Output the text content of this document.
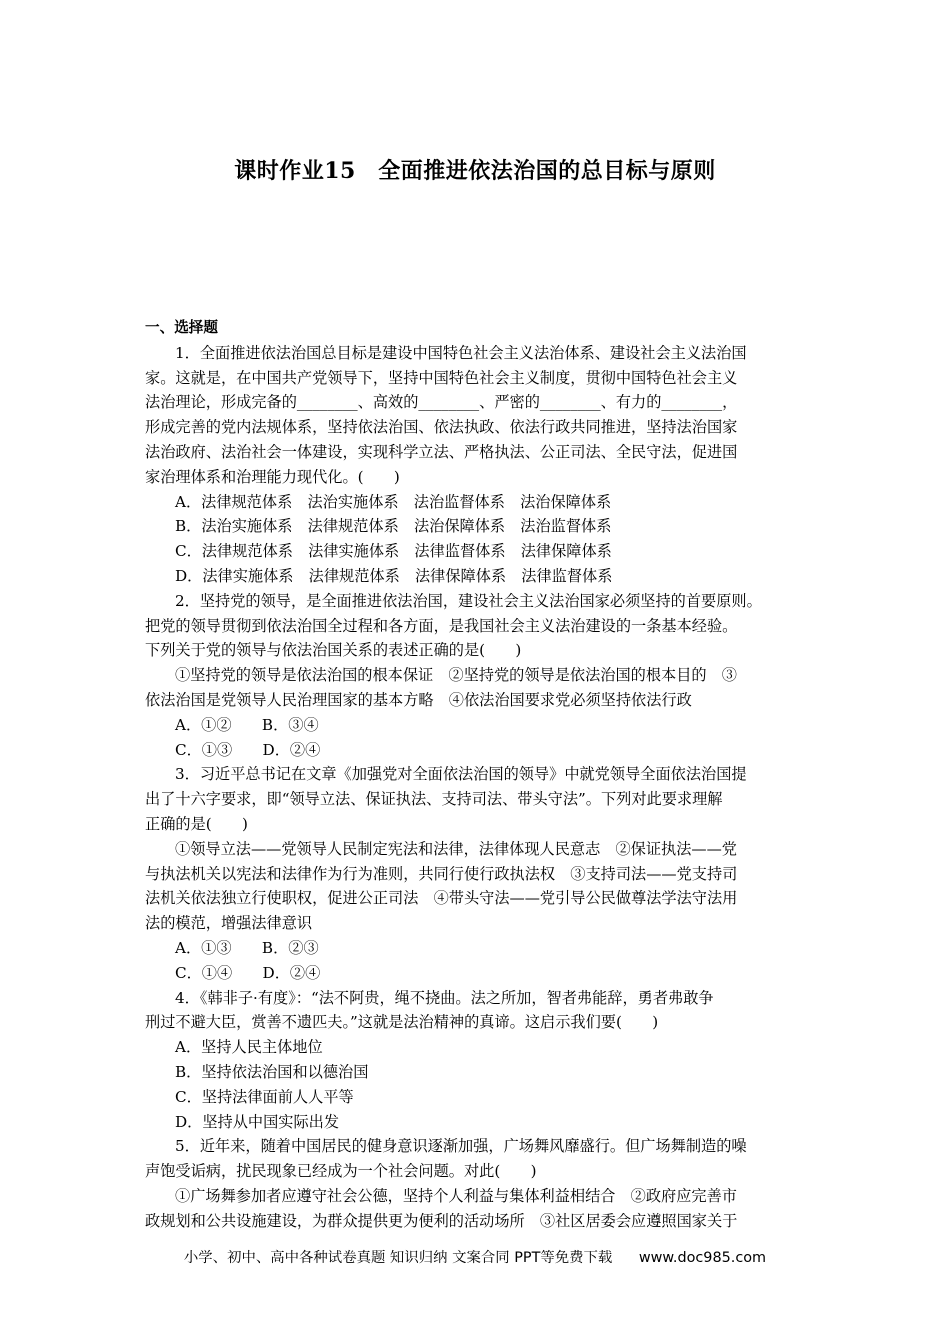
课时作业15　全面推进依法治国的总目标与原则
一、选择题
1．全面推进依法治国总目标是建设中国特色社会主义法治体系、建设社会主义法治国
家。这就是，在中国共产党领导下，坚持中国特色社会主义制度，贯彻中国特色社会主义
法治理论，形成完备的________、高效的________、严密的________、有力的________，
形成完善的党内法规体系，坚持依法治国、依法执政、依法行政共同推进，坚持法治国家
法治政府、法治社会一体建设，实现科学立法、严格执法、公正司法、全民守法，促进国
家治理体系和治理能力现代化。(　　)
A．法律规范体系　法治实施体系　法治监督体系　法治保障体系
B．法治实施体系　法律规范体系　法治保障体系　法治监督体系
C．法律规范体系　法律实施体系　法律监督体系　法律保障体系
D．法律实施体系　法律规范体系　法律保障体系　法律监督体系
2．坚持党的领导，是全面推进依法治国，建设社会主义法治国家必须坚持的首要原则。
把党的领导贯彻到依法治国全过程和各方面，是我国社会主义法治建设的一条基本经验。
下列关于党的领导与依法治国关系的表述正确的是(　　)
①坚持党的领导是依法治国的根本保证　②坚持党的领导是依法治国的根本目的　③
依法治国是党领导人民治理国家的基本方略　④依法治国要求党必须坚持依法行政
A．①②　　B．③④
C．①③　　D．②④
3．习近平总书记在文章《加强党对全面依法治国的领导》中就党领导全面依法治国提
出了十六字要求，即“领导立法、保证执法、支持司法、带头守法”。下列对此要求理解
正确的是(　　)
①领导立法——党领导人民制定宪法和法律，法律体现人民意志　②保证执法——党
与执法机关以宪法和法律作为行为准则，共同行使行政执法权　③支持司法——党支持司
法机关依法独立行使职权，促进公正司法　④带头守法——党引导公民做尊法学法守法用
法的模范，增强法律意识
A．①③　　B．②③
C．①④　　D．②④
4．《韩非子·有度》：“法不阿贵，绳不挠曲。法之所加，智者弗能辞，勇者弗敢争
刑过不避大臣，赏善不遗匹夫。”这就是法治精神的真谛。这启示我们要(　　)
A．坚持人民主体地位
B．坚持依法治国和以德治国
C．坚持法律面前人人平等
D．坚持从中国实际出发
5．近年来，随着中国居民的健身意识逐渐加强，广场舞风靡盛行。但广场舞制造的噪
声饱受诟病，扰民现象已经成为一个社会问题。对此(　　)
①广场舞参加者应遵守社会公德，坚持个人利益与集体利益相结合　②政府应完善市
政规划和公共设施建设，为群众提供更为便利的活动场所　③社区居委会应遵照国家关于
小学、初中、高中各种试卷真题 知识归纳 文案合同 PPT等免费下载 www.doc985.com
